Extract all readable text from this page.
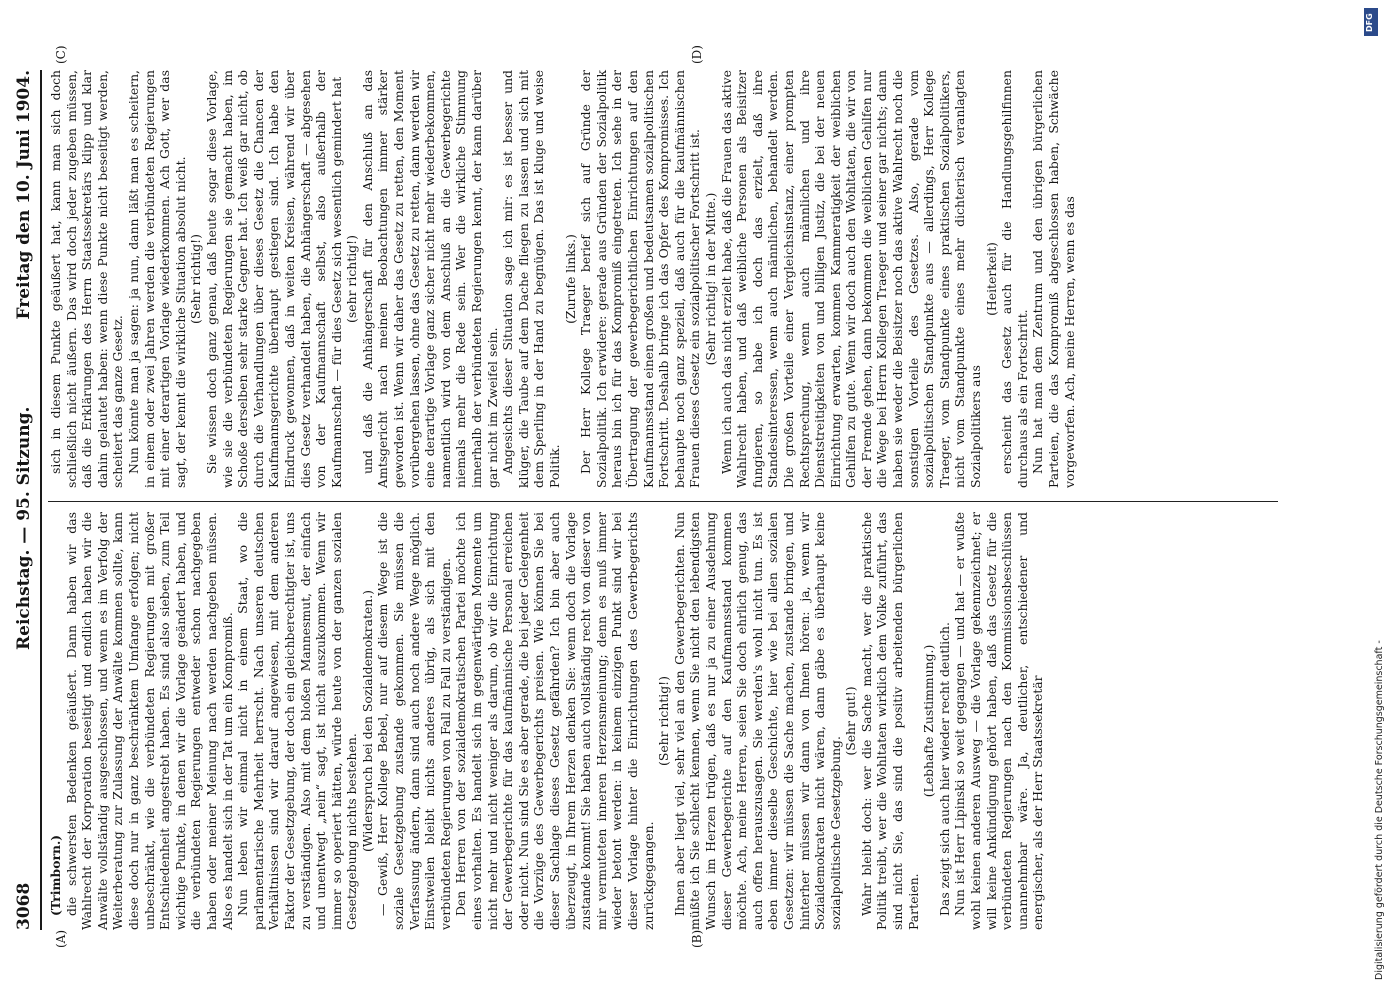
3068
Reichstag. — 95. Sitzung.
Freitag den 10. Juni 1904.
(A)	(B)
(C)	(D)

(Trimborn.) die schwersten Bedenken geäußert. Dann haben wir das Wahlrecht der Korporation beseitigt und endlich haben wir die Anwälte vollständig ausgeschlossen, und wenn es im Verfolg der Weiterberatung zur Zulassung der Anwälte kommen sollte, kann diese doch nur in ganz beschränktem Umfange erfolgen; nicht unbeschränkt, wie die verbündeten Regierungen mit großer Entschiedenheit angestrebt haben. Es sind also sieben, zum Teil wichtige Punkte, in denen wir die Vorlage geändert haben, und die verbündeten Regierungen entweder schon nachgegeben haben oder meiner Meinung nach werden nachgeben müssen. Also es handelt sich in der Tat um ein Kompromiß. Nun leben wir einmal nicht in einem Staat, wo die parlamentarische Mehrheit herrscht. Nach unseren deutschen Verhältnissen sind wir darauf angewiesen, mit dem anderen Faktor der Gesetzgebung, der doch ein gleichberechtigter ist, uns zu verständigen. Also mit dem bloßen Mannesmut, der einfach und unentwegt „nein“ sagt, ist nicht auszukommen. Wenn wir immer so operiert hätten, würde heute von der ganzen sozialen Gesetzgebung nichts bestehen. (Widerspruch bei den Sozialdemokraten.) — Gewiß, Herr Kollege Bebel, nur auf diesem Wege ist die soziale Gesetzgebung zustande gekommen. Sie müssen die Verfassung ändern, dann sind auch noch andere Wege möglich. Einstweilen bleibt nichts anderes übrig, als sich mit den verbündeten Regierungen von Fall zu Fall zu verständigen. Den Herren von der sozialdemokratischen Partei möchte ich eines vorhalten. Es handelt sich im gegenwärtigen Momente um nicht mehr und nicht weniger als darum, ob wir die Einrichtung der Gewerbegerichte für das kaufmännische Personal erreichen oder nicht. Nun sind Sie es aber gerade, die bei jeder Gelegenheit die Vorzüge des Gewerbegerichts preisen. Wie können Sie bei dieser Sachlage dieses Gesetz gefährden? Ich bin aber auch überzeugt, in Ihrem Herzen denken Sie: wenn doch die Vorlage zustande kommt! Sie haben auch vollständig recht von dieser von mir vermuteten inneren Herzensmeinung; denn es muß immer wieder betont werden: in keinem einzigen Punkt sind wir bei dieser Vorlage hinter die Einrichtungen des Gewerbegerichts zurückgegangen.

(Sehr richtig!) Ihnen aber liegt viel, sehr viel an den Gewerbegerichten. Nun müßte ich Sie schlecht kennen, wenn Sie nicht den lebendigsten Wunsch im Herzen trügen, daß es nur ja zu einer Ausdehnung dieser Gewerbegerichte auf den Kaufmannsstand kommen möchte. Ach, meine Herren, seien Sie doch ehrlich genug, das auch offen herauszusagen. Sie werden's wohl nicht tun. Es ist eben immer dieselbe Geschichte, hier wie bei allen sozialen Gesetzen: wir müssen die Sache machen, zustande bringen, und hinterher müssen wir dann von Ihnen hören: ja, wenn wir Sozialdemokraten nicht wären, dann gäbe es überhaupt keine sozialpolitische Gesetzgebung.

(Sehr gut!) Wahr bleibt doch: wer die Sache macht, wer die praktische Politik treibt, wer die Wohltaten wirklich dem Volke zuführt, das sind nicht Sie, das sind die positiv arbeitenden bürgerlichen Parteien.

(Lebhafte Zustimmung.) Das zeigt sich auch hier wieder recht deutlich. Nun ist Herr Lipinski so weit gegangen — und hat — er wußte wohl keinen anderen Ausweg — die Vorlage gekennzeichnet; er will keine Ankündigung gehört haben, daß das Gesetz für die verbündeten Regierungen nach den Kommissionsbeschlüssen unannehmbar wäre. Ja, deutlicher, entschiedener und energischer, als der Herr Staatssekretär

sich in diesem Punkte geäußert hat, kann man sich doch schließlich nicht äußern. Das wird doch jeder zugeben müssen, daß die Erklärungen des Herrn Staatssekretärs klipp und klar dahin gelautet haben: wenn diese Punkte nicht beseitigt werden, scheitert das ganze Gesetz. Nun könnte man ja sagen: ja nun, dann läßt man es scheitern, in einem oder zwei Jahren werden die verbündeten Regierungen mit einer derartigen Vorlage wiederkommen. Ach Gott, wer das sagt, der kennt die wirkliche Situation absolut nicht. (Sehr richtig!) Sie wissen doch ganz genau, daß heute sogar diese Vorlage, wie sie die verbündeten Regierungen sie gemacht haben, im Schoße derselben sehr starke Gegner hat. Ich weiß gar nicht, ob durch die Verhandlungen über dieses Gesetz die Chancen der Kaufmannsgerichte überhaupt gestiegen sind. Ich habe den Eindruck gewonnen, daß in weiten Kreisen, während wir über dies Gesetz verhandelt haben, die Anhängerschaft — abgesehen von der Kaufmannschaft selbst, also außerhalb der Kaufmannschaft — für dies Gesetz sich wesentlich gemindert hat (sehr richtig!) und daß die Anhängerschaft für den Anschluß an das Amtsgericht nach meinen Beobachtungen immer stärker geworden ist. Wenn wir daher das Gesetz zu retten, den Moment vorübergehen lassen, ohne das Gesetz zu retten, dann werden wir eine derartige Vorlage ganz sicher nicht mehr wiederbekommen, namentlich wird von dem Anschluß an die Gewerbegerichte niemals mehr die Rede sein. Wer die wirkliche Stimmung innerhalb der verbündeten Regierungen kennt, der kann darüber gar nicht im Zweifel sein. Angesichts dieser Situation sage ich mir: es ist besser und klüger, die Taube auf dem Dache fliegen zu lassen und sich mit dem Sperling in der Hand zu begnügen. Das ist kluge und weise Politik.

(Zurufe links.) Der Herr Kollege Traeger berief sich auf Gründe der Sozialpolitik. Ich erwidere: gerade aus Gründen der Sozialpolitik heraus bin ich für das Kompromiß eingetreten. Ich sehe in der Übertragung der gewerbegerichtlichen Einrichtungen auf den Kaufmannsstand einen großen und bedeutsamen sozialpolitischen Fortschritt. Deshalb bringe ich das Opfer des Kompromisses. Ich behaupte noch ganz speziell, daß auch für die kaufmännischen Frauen dieses Gesetz ein sozialpolitischer Fortschritt ist. (Sehr richtig! in der Mitte.) Wenn ich auch das nicht erzielt habe, daß die Frauen das aktive Wahlrecht haben, und daß weibliche Personen als Beisitzer fungieren, so habe ich doch das erzielt, daß ihre Standesinteressen, wenn auch männlichen, behandelt werden. Die großen Vorteile einer Vergleichsinstanz, einer prompten Rechtsprechung, wenn auch männlichen und ihre Dienststreitigkeiten von und billigen Justiz, die bei der neuen Einrichtung erwarten, kommen Kammeratigkeit der weiblichen Gehilfen zu gute. Wenn wir doch auch den Wohltaten, die wir von der Fremde gehen, dann bekommen die weiblichen Gehilfen nur die Wege bei Herrn Kollegen Traeger und seiner gar nichts; dann haben sie weder die Beisitzer noch das aktive Wahlrecht noch die sonstigen Vorteile des Gesetzes. Also, gerade vom sozialpolitischen Standpunkte aus — allerdings, Herr Kollege Traeger, vom Standpunkte eines praktischen Sozialpolitikers, nicht vom Standpunkte eines mehr dichterisch veranlagten Sozialpolitikers aus

(Heiterkeit) erscheint das Gesetz auch für die Handlungsgehilfinnen durchaus als ein Fortschritt. Nun hat man dem Zentrum und den übrigen bürgerlichen Parteien, die das Kompromiß abgeschlossen haben, Schwäche vorgeworfen. Ach, meine Herren, wenn es das

DFG
Digitalisierung gefördert durch die Deutsche Forschungsgemeinschaft -
